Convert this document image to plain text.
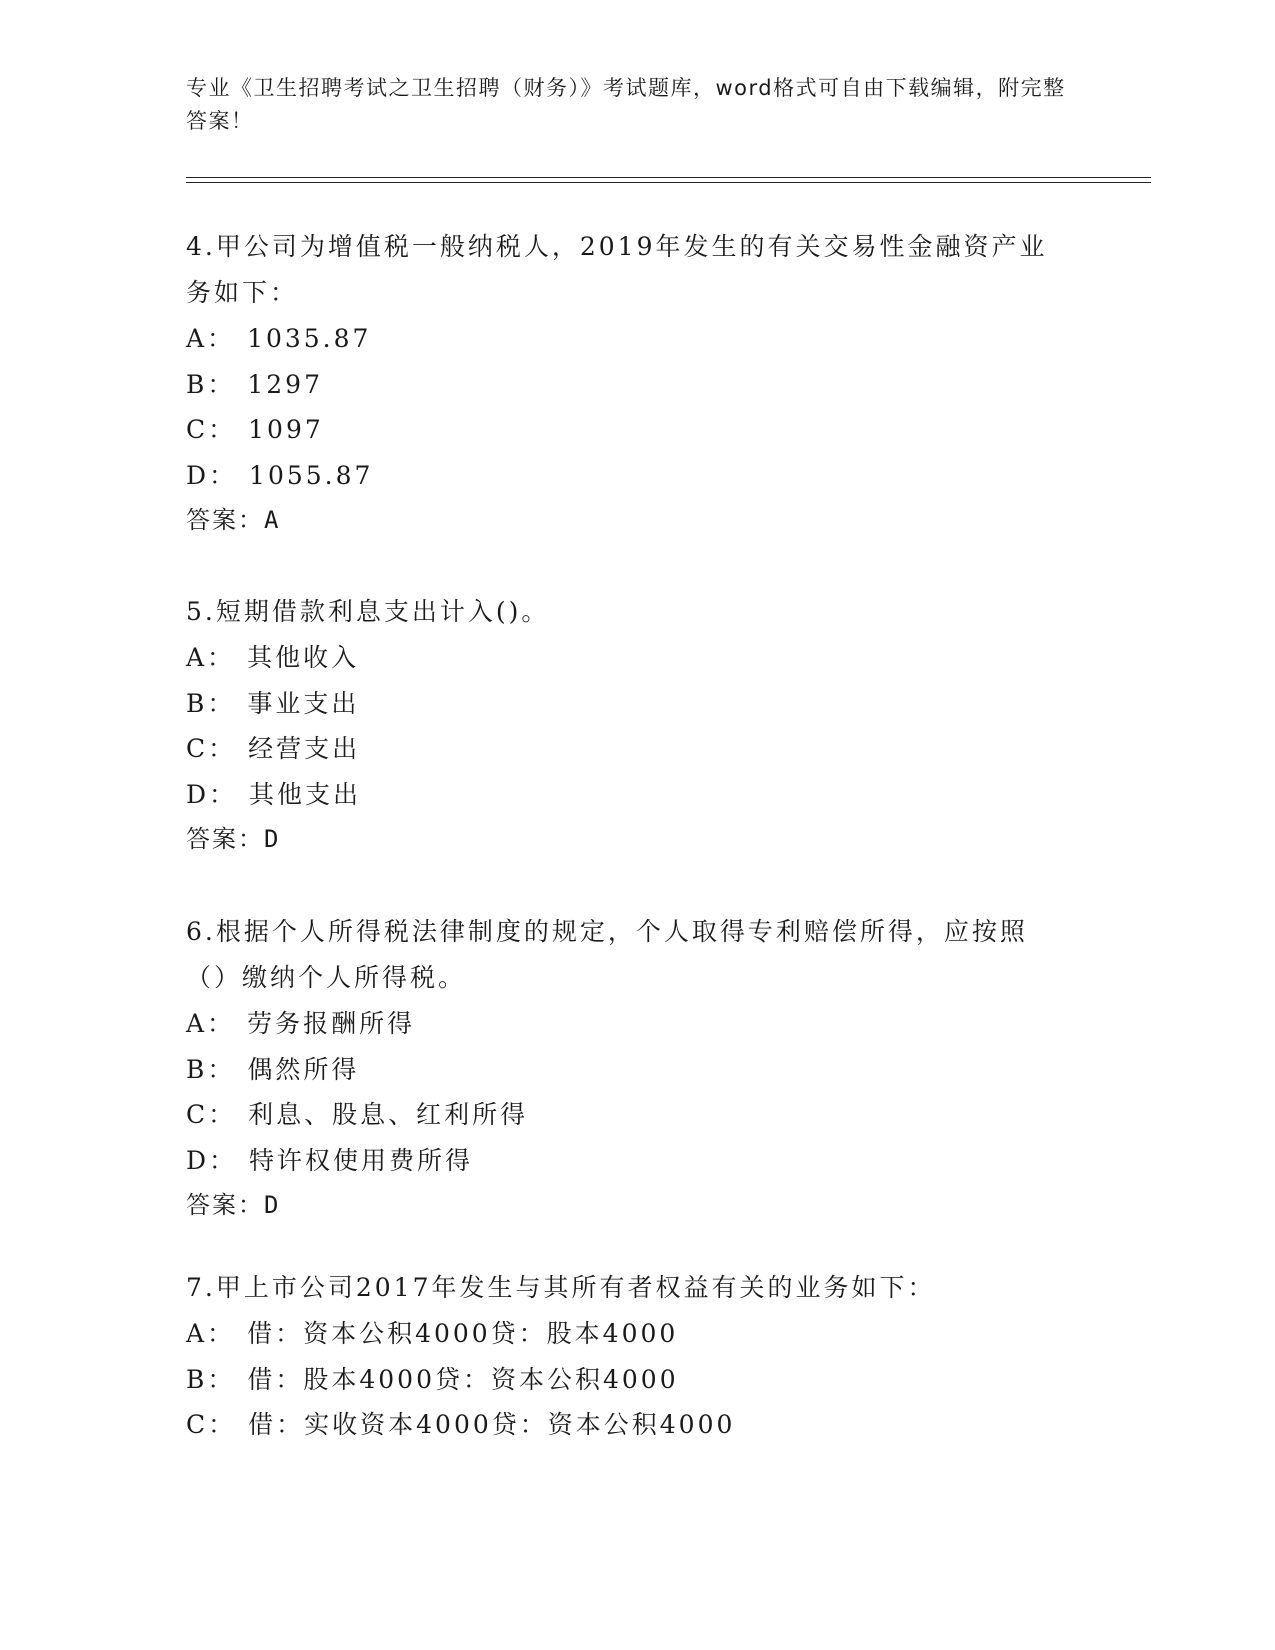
专业《卫生招聘考试之卫生招聘（财务）》考试题库，word格式可自由下载编辑，附完整答案！
4.甲公司为增值税一般纳税人，2019年发生的有关交易性金融资产业务如下：
A： 1035.87
B： 1297
C： 1097
D： 1055.87
答案：A
5.短期借款利息支出计入()。
A： 其他收入
B： 事业支出
C： 经营支出
D： 其他支出
答案：D
6.根据个人所得税法律制度的规定，个人取得专利赔偿所得，应按照（）缴纳个人所得税。
A： 劳务报酬所得
B： 偶然所得
C： 利息、股息、红利所得
D： 特许权使用费所得
答案：D
7.甲上市公司2017年发生与其所有者权益有关的业务如下：
A： 借：资本公积4000贷：股本4000
B： 借：股本4000贷：资本公积4000
C： 借：实收资本4000贷：资本公积4000
